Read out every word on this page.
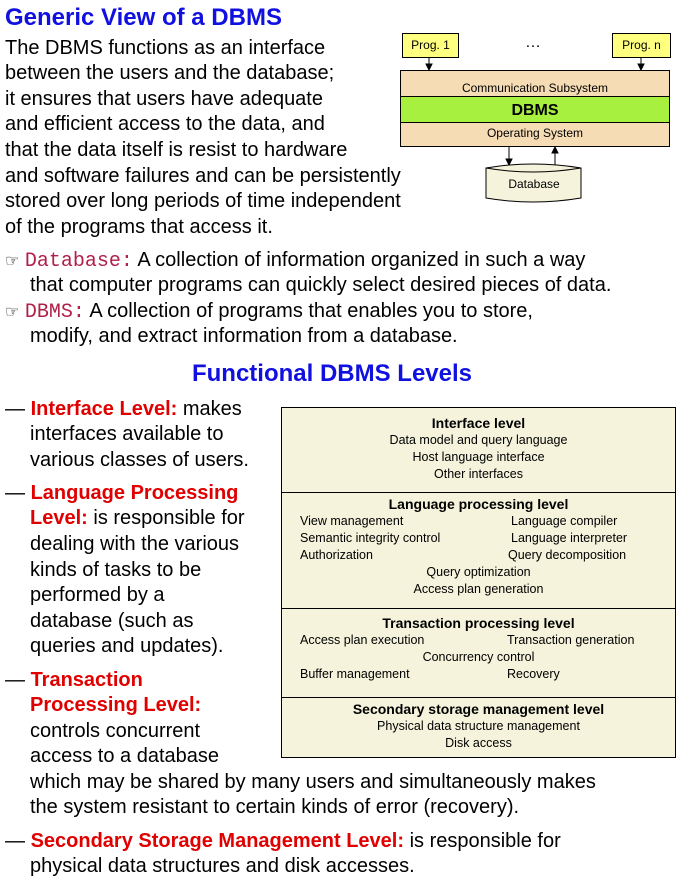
Generic View of a DBMS
The DBMS functions as an interface
between the users and the database;
it ensures that users have adequate
and efficient access to the data, and
that the data itself is resist to hardware
and software failures and can be persistently
stored over long periods of time independent
of the programs that access it.
Prog. 1	…	Prog. n
Communication Subsystem
DBMS
Operating System
Database
☞ Database: A collection of information organized in such a way
that computer programs can quickly select desired pieces of data.
☞ DBMS: A collection of programs that enables you to store,
modify, and extract information from a database.
Functional DBMS Levels
— Interface Level: makes
interfaces available to
various classes of users.
— Language Processing
Level: is responsible for
dealing with the various
kinds of tasks to be
performed by a
database (such as
queries and updates).
— Transaction
Processing Level:
controls concurrent
access to a database
which may be shared by many users and simultaneously makes
the system resistant to certain kinds of error (recovery).
— Secondary Storage Management Level: is responsible for
physical data structures and disk accesses.
Interface level
Data model and query language
Host language interface
Other interfaces
Language processing level
View management	Language compiler
Semantic integrity control	Language interpreter
Authorization	Query decomposition
Query optimization
Access plan generation
Transaction processing level
Access plan execution	Transaction generation
Concurrency control
Buffer management	Recovery
Secondary storage management level
Physical data structure management
Disk access
